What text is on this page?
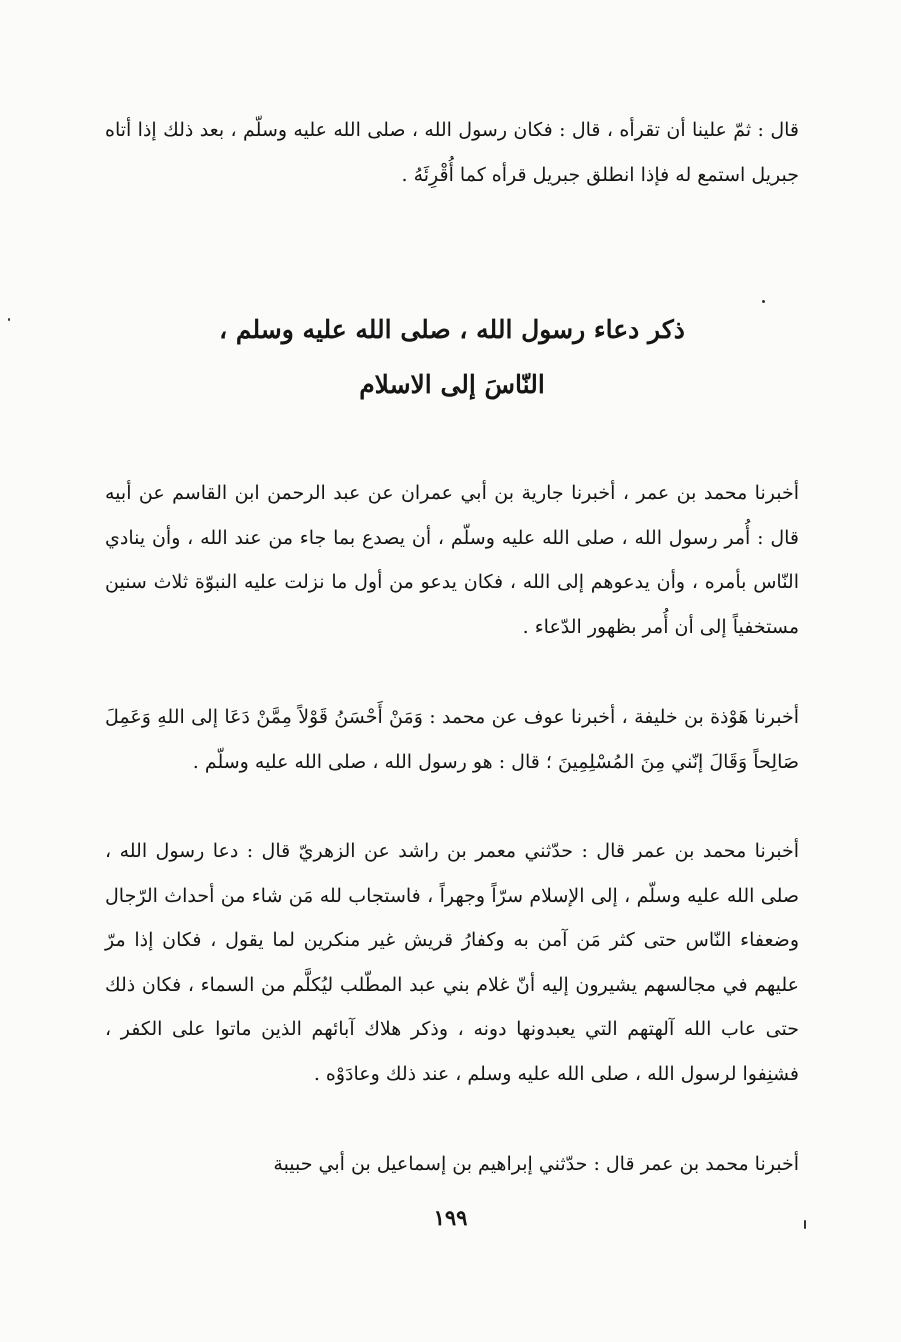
قال : ثمّ علينا أن تقرأه ، قال : فكان رسول الله ، صلى الله عليه وسلّم ، بعد ذلك إذا أتاه جبريل استمع له فإذا انطلق جبريل قرأه كما أُقْرِئَهُ .

ذكر دعاء رسول الله ، صلى الله عليه وسلم ،
النّاسَ إلى الاسلام

أخبرنا محمد بن عمر ، أخبرنا جارية بن أبي عمران عن عبد الرحمن ابن القاسم عن أبيه قال : أُمر رسول الله ، صلى الله عليه وسلّم ، أن يصدع بما جاء من عند الله ، وأن ينادي النّاس بأمره ، وأن يدعوهم إلى الله ، فكان يدعو من أول ما نزلت عليه النبوّة ثلاث سنين مستخفياً إلى أن أُمر بظهور الدّعاء .

أخبرنا هَوْذة بن خليفة ، أخبرنا عوف عن محمد : وَمَنْ أَحْسَنُ قَوْلاً مِمَّنْ دَعَا إلى اللهِ وَعَمِلَ صَالِحاً وَقَالَ إنّني مِنَ المُسْلِمِينَ ؛ قال : هو رسول الله ، صلى الله عليه وسلّم .

أخبرنا محمد بن عمر قال : حدّثني معمر بن راشد عن الزهريّ قال : دعا رسول الله ، صلى الله عليه وسلّم ، إلى الإسلام سرّاً وجهراً ، فاستجاب لله مَن شاء من أحداث الرّجال وضعفاء النّاس حتى كثر مَن آمن به وكفارُ قريش غير منكرين لما يقول ، فكان إذا مرّ عليهم في مجالسهم يشيرون إليه أنّ غلام بني عبد المطّلب ليُكلَّم من السماء ، فكان ذلك حتى عاب الله آلهتهم التي يعبدونها دونه ، وذكر هلاك آبائهم الذين ماتوا على الكفر ، فشنِفوا لرسول الله ، صلى الله عليه وسلم ، عند ذلك وعادَوْه .

أخبرنا محمد بن عمر قال : حدّثني إبراهيم بن إسماعيل بن أبي حبيبة

١٩٩
